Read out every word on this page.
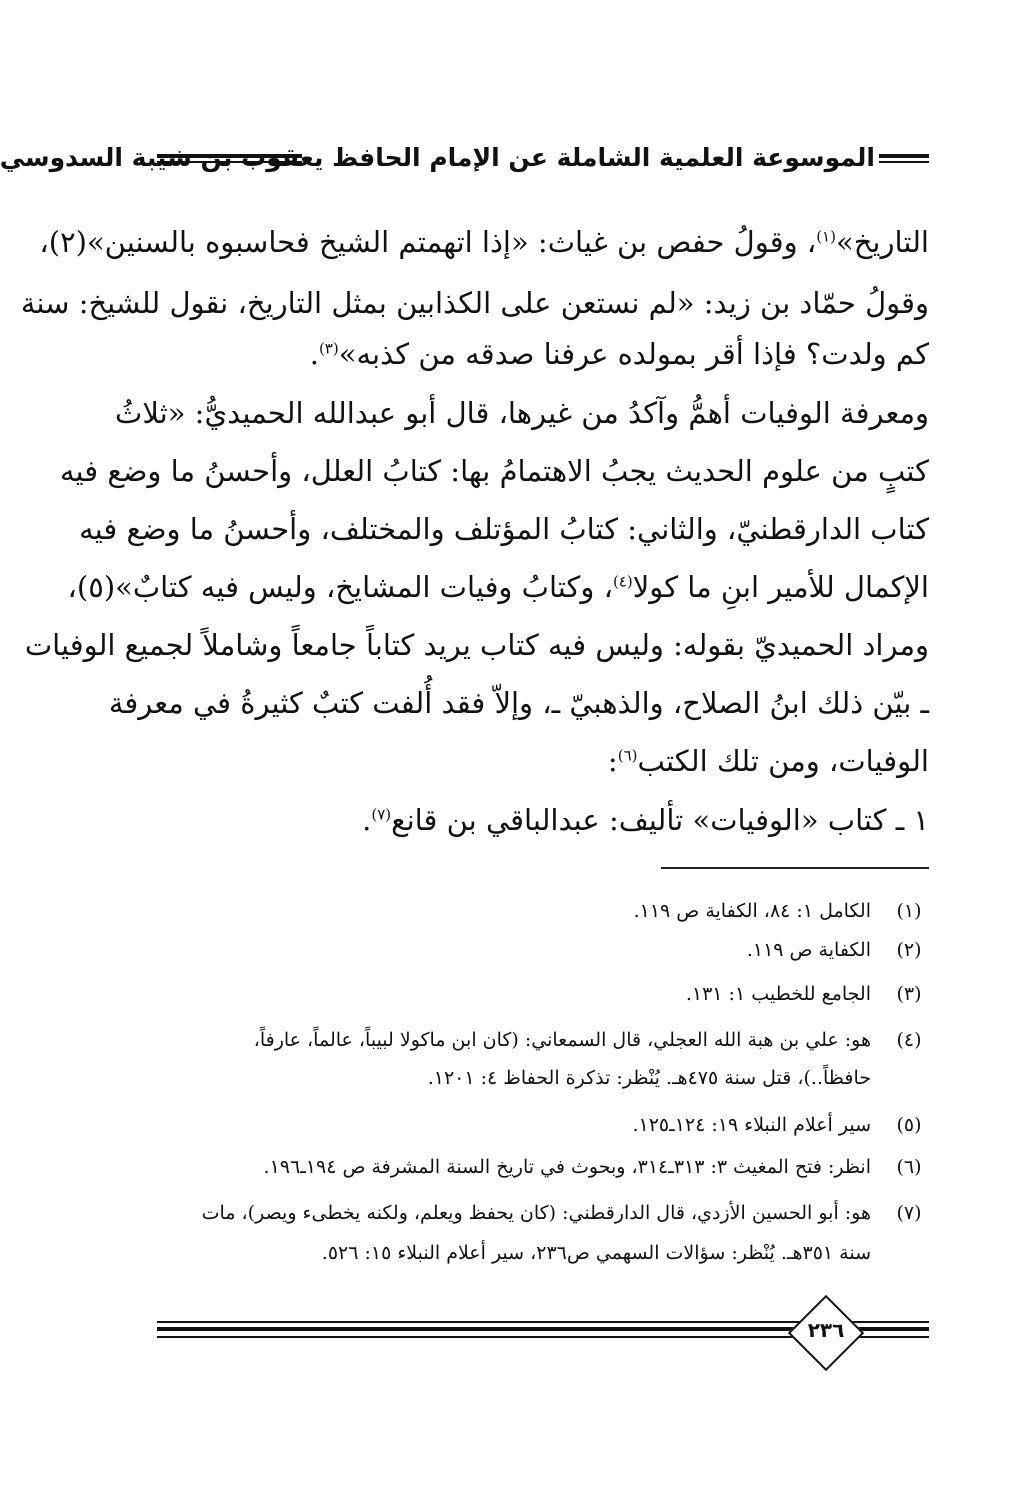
الموسوعة العلمية الشاملة عن الإمام الحافظ يعقوب بن شيبة السدوسي
التاريخ»$^{(١)}$، وقولُ حفص بن غياث: «إذا اتهمتم الشيخ فحاسبوه بالسنين»(٢)،
وقولُ حمّاد بن زيد: «لم نستعن على الكذابين بمثل التاريخ، نقول للشيخ: سنة
كم ولدت؟ فإذا أقر بمولده عرفنا صدقه من كذبه»$^{(٣)}$.
ومعرفة الوفيات أهمُّ وآكدُ من غيرها، قال أبو عبدالله الحميديُّ: «ثلاثُ
كتبٍ من علوم الحديث يجبُ الاهتمامُ بها: كتابُ العلل، وأحسنُ ما وضع فيه
كتاب الدارقطنيّ، والثاني: كتابُ المؤتلف والمختلف، وأحسنُ ما وضع فيه
الإكمال للأمير ابنِ ما كولا$^{(٤)}$، وكتابُ وفيات المشايخ، وليس فيه كتابٌ»(٥)،
ومراد الحميديّ بقوله: وليس فيه كتاب يريد كتاباً جامعاً وشاملاً لجميع الوفيات
ـ بيّن ذلك ابنُ الصلاح، والذهبيّ ـ، وإلاّ فقد أُلفت كتبٌ كثيرةُ في معرفة
الوفيات، ومن تلك الكتب$^{(٦)}$:
١ ـ كتاب «الوفيات» تأليف: عبدالباقي بن قانع$^{(٧)}$.
(١)
الكامل ١: ٨٤، الكفاية ص ١١٩.
(٢)
الكفاية ص ١١٩.
(٣)
الجامع للخطيب ١: ١٣١.
(٤)
هو: علي بن هبة الله العجلي، قال السمعاني: (كان ابن ماكولا لبيباً، عالماً، عارفاً،
حافظاً..)، قتل سنة ٤٧٥هـ. يُنْظر: تذكرة الحفاظ ٤: ١٢٠١.
(٥)
سير أعلام النبلاء ١٩: ١٢٤ـ١٢٥.
(٦)
انظر: فتح المغيث ٣: ٣١٣ـ٣١٤، وبحوث في تاريخ السنة المشرفة ص ١٩٤ـ١٩٦.
(٧)
هو: أبو الحسين الأزدي، قال الدارقطني: (كان يحفظ ويعلم، ولكنه يخطىء ويصر)، مات
سنة ٣٥١هـ. يُنْظر: سؤالات السهمي ص٢٣٦، سير أعلام النبلاء ١٥: ٥٢٦.
٢٣٦
